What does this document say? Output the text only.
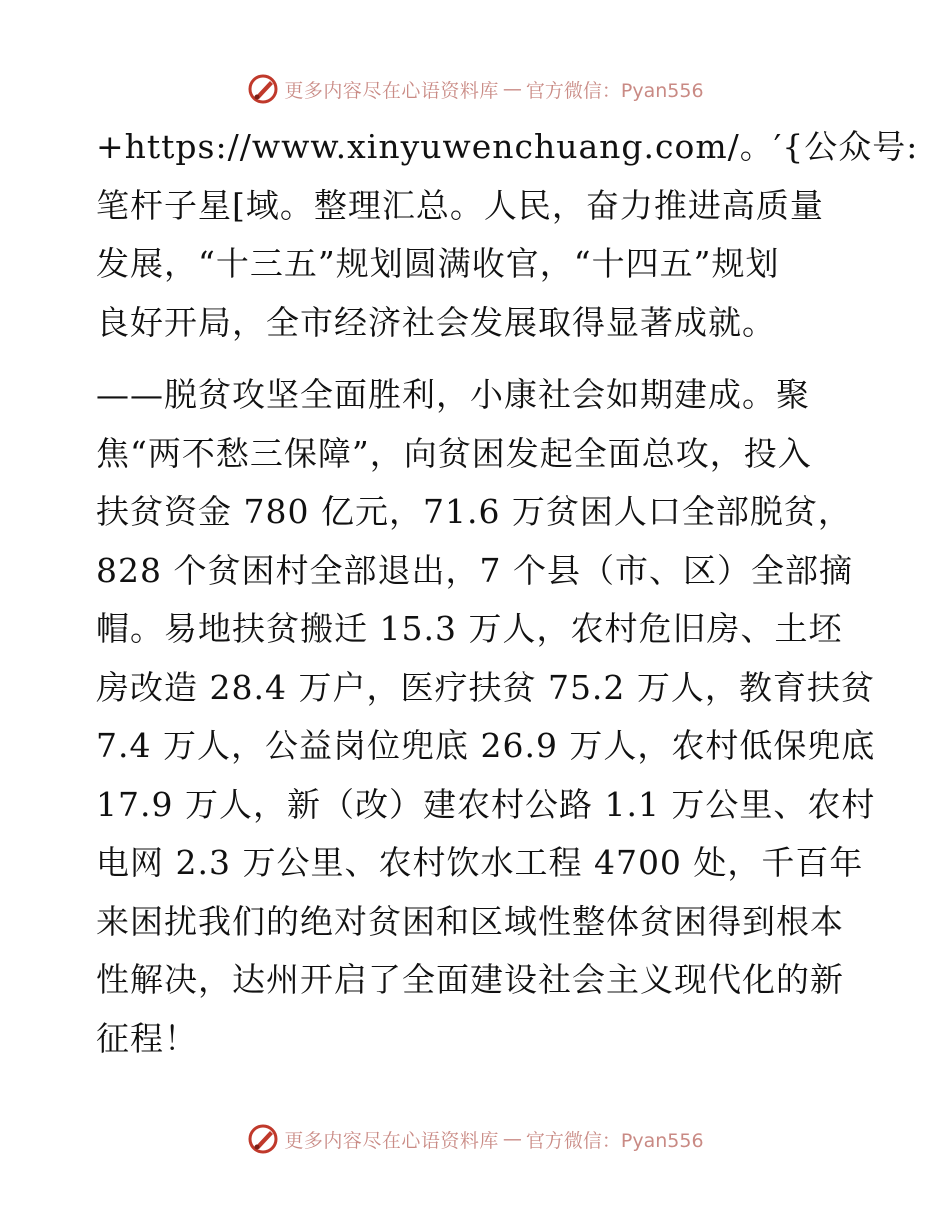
更多内容尽在心语资料库 — 官方微信：Pyan556
+https://www.xinyuwenchuang.com/。′{公众号:
笔杆子星[域。整理汇总。人民，奋力推进高质量
发展，“十三五”规划圆满收官，“十四五”规划
良好开局，全市经济社会发展取得显著成就。
——脱贫攻坚全面胜利，小康社会如期建成。聚
焦“两不愁三保障”，向贫困发起全面总攻，投入
扶贫资金 780 亿元，71.6 万贫困人口全部脱贫，
828 个贫困村全部退出，7 个县（市、区）全部摘
帽。易地扶贫搬迁 15.3 万人，农村危旧房、土坯
房改造 28.4 万户，医疗扶贫 75.2 万人，教育扶贫
7.4 万人，公益岗位兜底 26.9 万人，农村低保兜底
17.9 万人，新（改）建农村公路 1.1 万公里、农村
电网 2.3 万公里、农村饮水工程 4700 处，千百年
来困扰我们的绝对贫困和区域性整体贫困得到根本
性解决，达州开启了全面建设社会主义现代化的新
征程！
更多内容尽在心语资料库 — 官方微信：Pyan556
